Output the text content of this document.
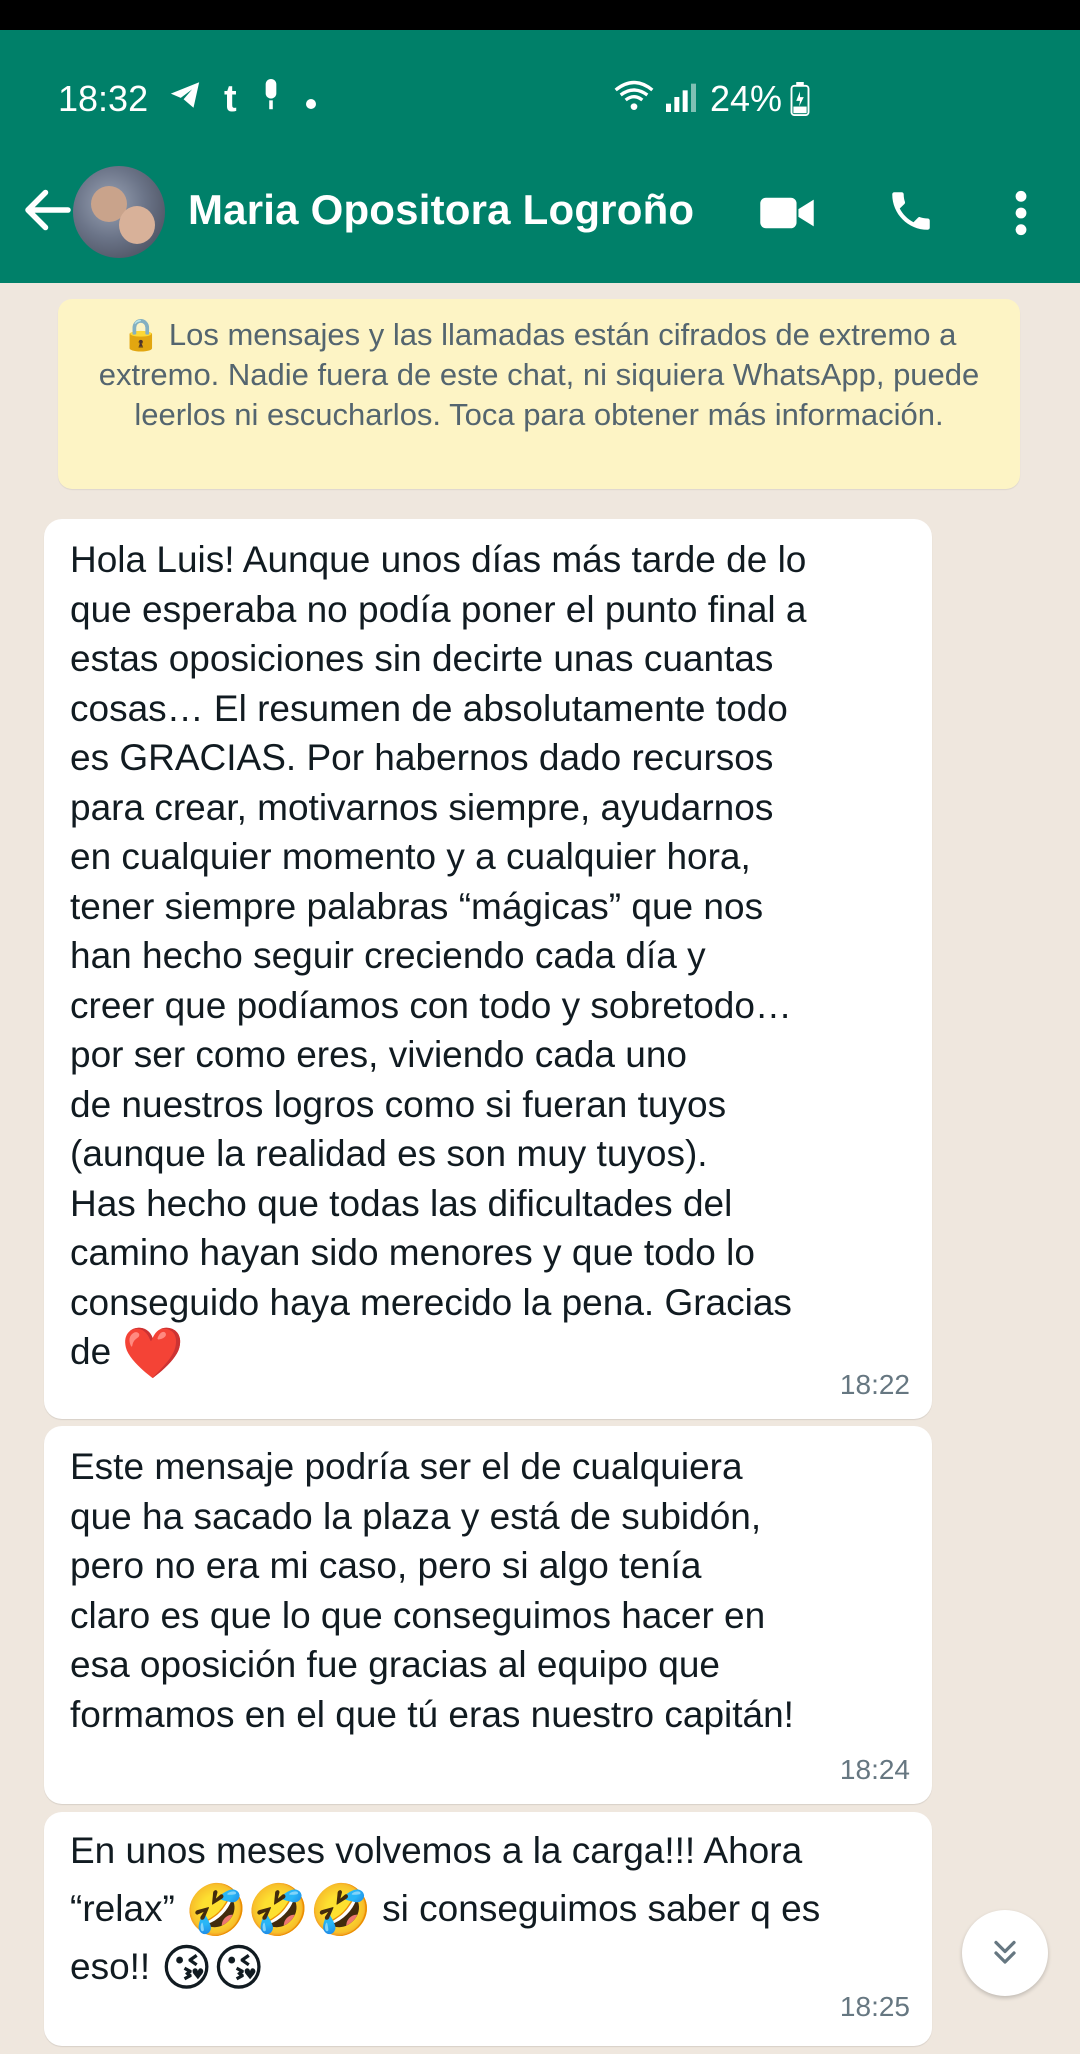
18:32 t	24%
Maria Opositora Logroño
🔒 Los mensajes y las llamadas están cifrados de extremo a extremo. Nadie fuera de este chat, ni siquiera WhatsApp, puede leerlos ni escucharlos. Toca para obtener más información.
Hola Luis! Aunque unos días más tarde de lo
que esperaba no podía poner el punto final a
estas oposiciones sin decirte unas cuantas
cosas… El resumen de absolutamente todo
es GRACIAS. Por habernos dado recursos
para crear, motivarnos siempre, ayudarnos
en cualquier momento y a cualquier hora,
tener siempre palabras “mágicas” que nos
han hecho seguir creciendo cada día y
creer que podíamos con todo y sobretodo…
por ser como eres, viviendo cada uno
de nuestros logros como si fueran tuyos
(aunque la realidad es son muy tuyos).
Has hecho que todas las dificultades del
camino hayan sido menores y que todo lo
conseguido haya merecido la pena. Gracias
de ❤️
18:22
Este mensaje podría ser el de cualquiera
que ha sacado la plaza y está de subidón,
pero no era mi caso, pero si algo tenía
claro es que lo que conseguimos hacer en
esa oposición fue gracias al equipo que
formamos en el que tú eras nuestro capitán!
18:24
En unos meses volvemos a la carga!!! Ahora
“relax” 🤣🤣🤣 si conseguimos saber q es
eso!! 😘😘
18:25
